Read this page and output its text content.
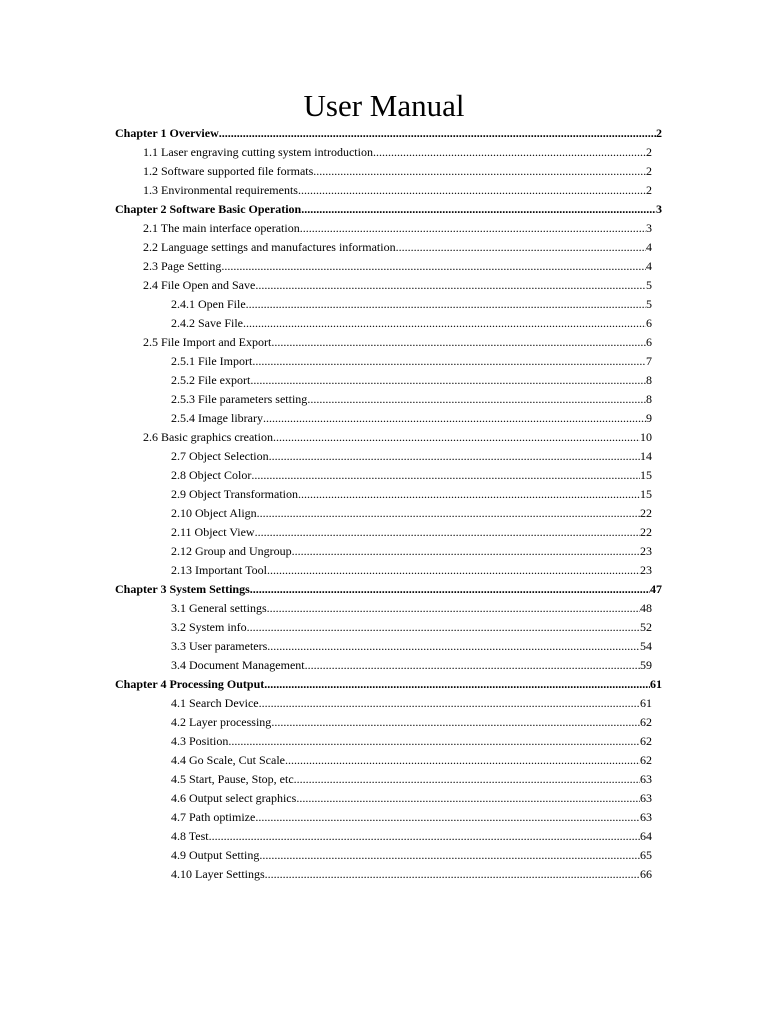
User Manual
Chapter 1 Overview .....	2
1.1 Laser engraving cutting system introduction .....	2
1.2 Software supported file formats .....	2
1.3 Environmental requirements .....	2
Chapter 2 Software Basic Operation .....	3
2.1 The main interface operation .....	3
2.2 Language settings and manufactures information .....	4
2.3 Page Setting .....	4
2.4 File Open and Save .....	5
2.4.1 Open File .....	5
2.4.2 Save File .....	6
2.5 File Import and Export .....	6
2.5.1 File Import .....	7
2.5.2 File export .....	8
2.5.3 File parameters setting .....	8
2.5.4 Image library .....	9
2.6 Basic graphics creation .....	10
2.7 Object Selection .....	14
2.8 Object Color .....	15
2.9 Object Transformation .....	15
2.10 Object Align .....	22
2.11 Object View .....	22
2.12 Group and Ungroup .....	23
2.13 Important Tool .....	23
Chapter 3 System Settings .....	47
3.1 General settings .....	48
3.2 System info .....	52
3.3 User parameters .....	54
3.4 Document Management .....	59
Chapter 4 Processing Output .....	61
4.1 Search Device .....	61
4.2 Layer processing .....	62
4.3 Position .....	62
4.4 Go Scale, Cut Scale .....	62
4.5 Start, Pause, Stop, etc .....	63
4.6 Output select graphics .....	63
4.7 Path optimize .....	63
4.8 Test .....	64
4.9 Output Setting .....	65
4.10 Layer Settings .....	66
